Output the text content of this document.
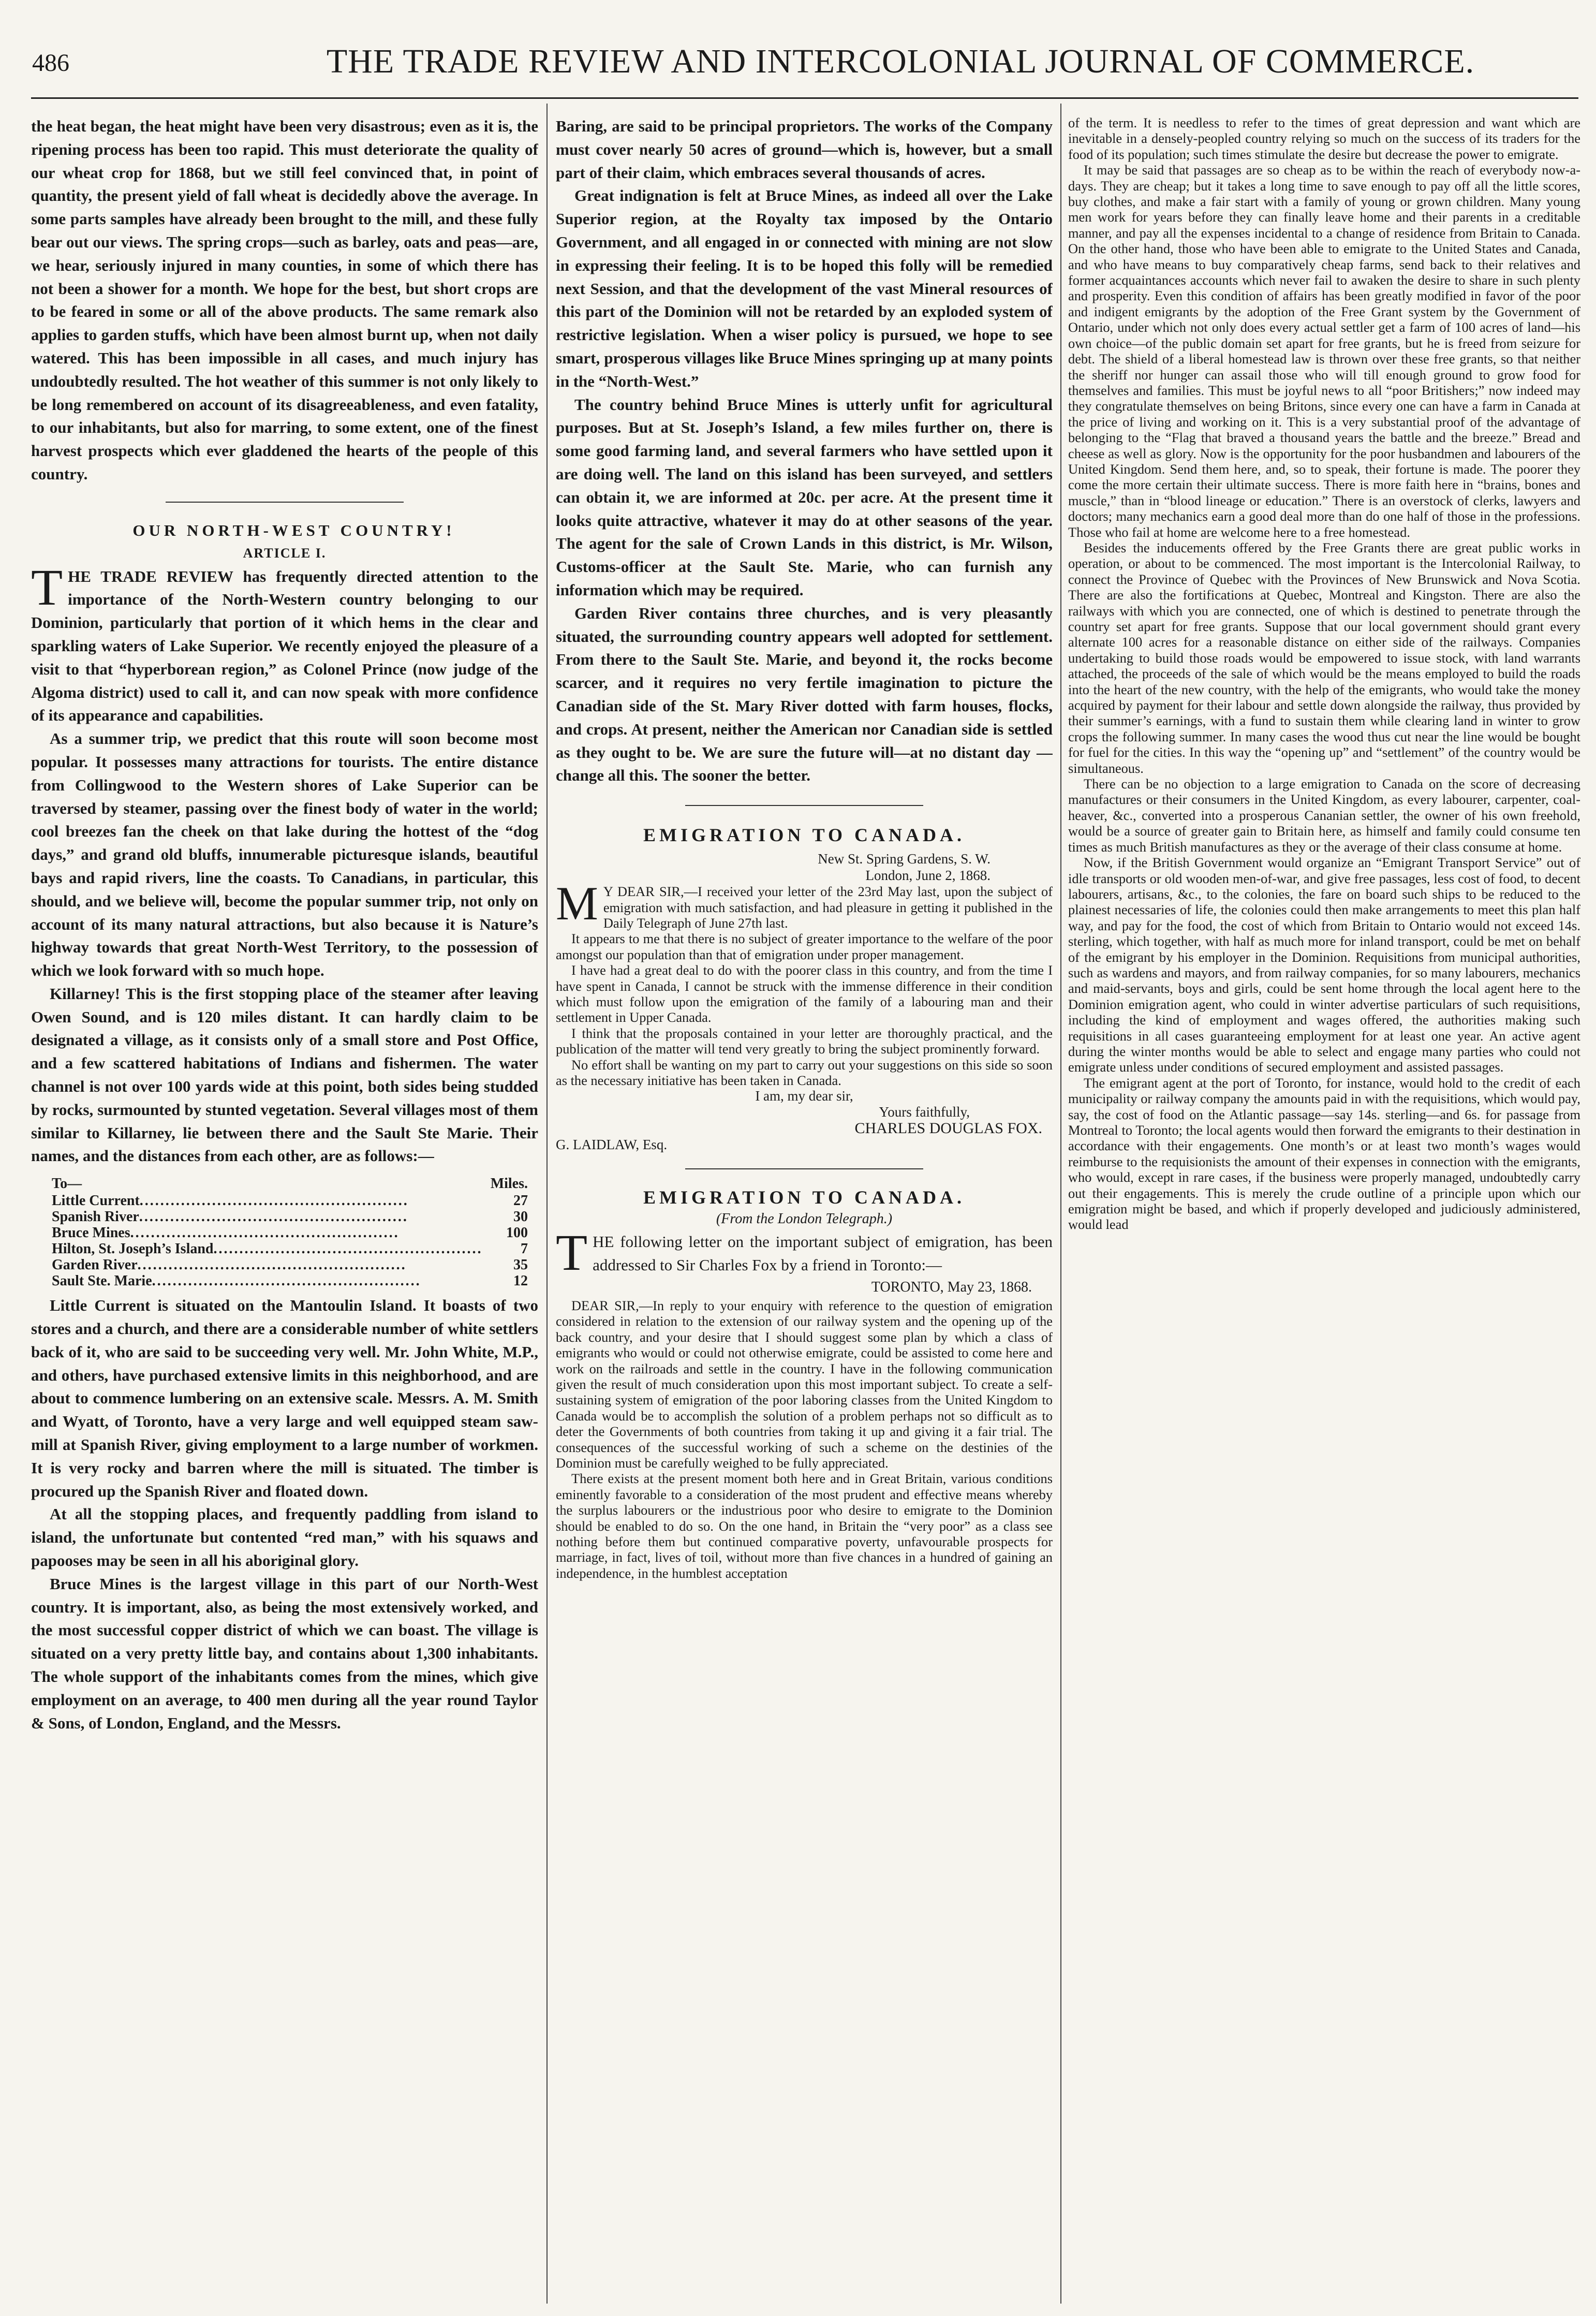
486	THE TRADE REVIEW AND INTERCOLONIAL JOURNAL OF COMMERCE.

the heat began, the heat might have been very disastrous; even as it is, the ripening process has been too rapid. This must deteriorate the quality of our wheat crop for 1868, but we still feel convinced that, in point of quantity, the present yield of fall wheat is decidedly above the average. In some parts samples have already been brought to the mill, and these fully bear out our views. The spring crops—such as barley, oats and peas—are, we hear, seriously injured in many counties, in some of which there has not been a shower for a month. We hope for the best, but short crops are to be feared in some or all of the above products. The same remark also applies to garden stuffs, which have been almost burnt up, when not daily watered. This has been impossible in all cases, and much injury has undoubtedly resulted. The hot weather of this summer is not only likely to be long remembered on account of its disagreeableness, and even fatality, to our inhabitants, but also for marring, to some extent, one of the finest harvest prospects which ever gladdened the hearts of the people of this country.

OUR NORTH-WEST COUNTRY!

ARTICLE I.

THE TRADE REVIEW has frequently directed attention to the importance of the North-Western country belonging to our Dominion, particularly that portion of it which hems in the clear and sparkling waters of Lake Superior. We recently enjoyed the pleasure of a visit to that “hyperborean region,” as Colonel Prince (now judge of the Algoma district) used to call it, and can now speak with more confidence of its appearance and capabilities.

As a summer trip, we predict that this route will soon become most popular. It possesses many attractions for tourists. The entire distance from Collingwood to the Western shores of Lake Superior can be traversed by steamer, passing over the finest body of water in the world; cool breezes fan the cheek on that lake during the hottest of the “dog days,” and grand old bluffs, innumerable picturesque islands, beautiful bays and rapid rivers, line the coasts. To Canadians, in particular, this should, and we believe will, become the popular summer trip, not only on account of its many natural attractions, but also because it is Nature’s highway towards that great North-West Territory, to the possession of which we look forward with so much hope.

Killarney! This is the first stopping place of the steamer after leaving Owen Sound, and is 120 miles distant. It can hardly claim to be designated a village, as it consists only of a small store and Post Office, and a few scattered habitations of Indians and fishermen. The water channel is not over 100 yards wide at this point, both sides being studded by rocks, surmounted by stunted vegetation. Several villages most of them similar to Killarney, lie between there and the Sault Ste Marie. Their names, and the distances from each other, are as follows:—

To—	Miles.
Little Current ....................................................	27
Spanish River ....................................................	30
Bruce Mines ....................................................	100
Hilton, St. Joseph’s Island ....................................................	7
Garden River ....................................................	35
Sault Ste. Marie ....................................................	12

Little Current is situated on the Mantoulin Island. It boasts of two stores and a church, and there are a considerable number of white settlers back of it, who are said to be succeeding very well. Mr. John White, M.P., and others, have purchased extensive limits in this neighborhood, and are about to commence lumbering on an extensive scale. Messrs. A. M. Smith and Wyatt, of Toronto, have a very large and well equipped steam saw-mill at Spanish River, giving employment to a large number of workmen. It is very rocky and barren where the mill is situated. The timber is procured up the Spanish River and floated down.

At all the stopping places, and frequently paddling from island to island, the unfortunate but contented “red man,” with his squaws and papooses may be seen in all his aboriginal glory.

Bruce Mines is the largest village in this part of our North-West country. It is important, also, as being the most extensively worked, and the most successful copper district of which we can boast. The village is situated on a very pretty little bay, and contains about 1,300 inhabitants. The whole support of the inhabitants comes from the mines, which give employment on an average, to 400 men during all the year round Taylor & Sons, of London, England, and the Messrs.

Baring, are said to be principal proprietors. The works of the Company must cover nearly 50 acres of ground—which is, however, but a small part of their claim, which embraces several thousands of acres.

Great indignation is felt at Bruce Mines, as indeed all over the Lake Superior region, at the Royalty tax imposed by the Ontario Government, and all engaged in or connected with mining are not slow in expressing their feeling. It is to be hoped this folly will be remedied next Session, and that the development of the vast Mineral resources of this part of the Dominion will not be retarded by an exploded system of restrictive legislation. When a wiser policy is pursued, we hope to see smart, prosperous villages like Bruce Mines springing up at many points in the “North-West.”

The country behind Bruce Mines is utterly unfit for agricultural purposes. But at St. Joseph’s Island, a few miles further on, there is some good farming land, and several farmers who have settled upon it are doing well. The land on this island has been surveyed, and settlers can obtain it, we are informed at 20c. per acre. At the present time it looks quite attractive, whatever it may do at other seasons of the year. The agent for the sale of Crown Lands in this district, is Mr. Wilson, Customs-officer at the Sault Ste. Marie, who can furnish any information which may be required.

Garden River contains three churches, and is very pleasantly situated, the surrounding country appears well adopted for settlement. From there to the Sault Ste. Marie, and beyond it, the rocks become scarcer, and it requires no very fertile imagination to picture the Canadian side of the St. Mary River dotted with farm houses, flocks, and crops. At present, neither the American nor Canadian side is settled as they ought to be. We are sure the future will—at no distant day —change all this. The sooner the better.

EMIGRATION TO CANADA.

New St. Spring Gardens, S. W.
London, June 2, 1868.

M Y DEAR SIR,—I received your letter of the 23rd May last, upon the subject of emigration with much satisfaction, and had pleasure in getting it published in the Daily Telegraph of June 27th last.

It appears to me that there is no subject of greater importance to the welfare of the poor amongst our population than that of emigration under proper management.

I have had a great deal to do with the poorer class in this country, and from the time I have spent in Canada, I cannot be struck with the immense difference in their condition which must follow upon the emigration of the family of a labouring man and their settlement in Upper Canada.

I think that the proposals contained in your letter are thoroughly practical, and the publication of the matter will tend very greatly to bring the subject prominently forward.

No effort shall be wanting on my part to carry out your suggestions on this side so soon as the necessary initiative has been taken in Canada.

I am, my dear sir,
Yours faithfully,
CHARLES DOUGLAS FOX.
G. LAIDLAW, Esq.

EMIGRATION TO CANADA.

(From the London Telegraph.)

THE following letter on the important subject of emigration, has been addressed to Sir Charles Fox by a friend in Toronto:—

TORONTO, May 23, 1868.

DEAR SIR,—In reply to your enquiry with reference to the question of emigration considered in relation to the extension of our railway system and the opening up of the back country, and your desire that I should suggest some plan by which a class of emigrants who would or could not otherwise emigrate, could be assisted to come here and work on the railroads and settle in the country. I have in the following communication given the result of much consideration upon this most important subject. To create a self-sustaining system of emigration of the poor laboring classes from the United Kingdom to Canada would be to accomplish the solution of a problem perhaps not so difficult as to deter the Governments of both countries from taking it up and giving it a fair trial. The consequences of the successful working of such a scheme on the destinies of the Dominion must be carefully weighed to be fully appreciated.

There exists at the present moment both here and in Great Britain, various conditions eminently favorable to a consideration of the most prudent and effective means whereby the surplus labourers or the industrious poor who desire to emigrate to the Dominion should be enabled to do so. On the one hand, in Britain the “very poor” as a class see nothing before them but continued comparative poverty, unfavourable prospects for marriage, in fact, lives of toil, without more than five chances in a hundred of gaining an independence, in the humblest acceptation

of the term. It is needless to refer to the times of great depression and want which are inevitable in a densely-peopled country relying so much on the success of its traders for the food of its population; such times stimulate the desire but decrease the power to emigrate.

It may be said that passages are so cheap as to be within the reach of everybody now-a-days. They are cheap; but it takes a long time to save enough to pay off all the little scores, buy clothes, and make a fair start with a family of young or grown children. Many young men work for years before they can finally leave home and their parents in a creditable manner, and pay all the expenses incidental to a change of residence from Britain to Canada. On the other hand, those who have been able to emigrate to the United States and Canada, and who have means to buy comparatively cheap farms, send back to their relatives and former acquaintances accounts which never fail to awaken the desire to share in such plenty and prosperity. Even this condition of affairs has been greatly modified in favor of the poor and indigent emigrants by the adoption of the Free Grant system by the Government of Ontario, under which not only does every actual settler get a farm of 100 acres of land—his own choice—of the public domain set apart for free grants, but he is freed from seizure for debt. The shield of a liberal homestead law is thrown over these free grants, so that neither the sheriff nor hunger can assail those who will till enough ground to grow food for themselves and families. This must be joyful news to all “poor Britishers;” now indeed may they congratulate themselves on being Britons, since every one can have a farm in Canada at the price of living and working on it. This is a very substantial proof of the advantage of belonging to the “Flag that braved a thousand years the battle and the breeze.” Bread and cheese as well as glory. Now is the opportunity for the poor husbandmen and labourers of the United Kingdom. Send them here, and, so to speak, their fortune is made. The poorer they come the more certain their ultimate success. There is more faith here in “brains, bones and muscle,” than in “blood lineage or education.” There is an overstock of clerks, lawyers and doctors; many mechanics earn a good deal more than do one half of those in the professions. Those who fail at home are welcome here to a free homestead.

Besides the inducements offered by the Free Grants there are great public works in operation, or about to be commenced. The most important is the Intercolonial Railway, to connect the Province of Quebec with the Provinces of New Brunswick and Nova Scotia. There are also the fortifications at Quebec, Montreal and Kingston. There are also the railways with which you are connected, one of which is destined to penetrate through the country set apart for free grants. Suppose that our local government should grant every alternate 100 acres for a reasonable distance on either side of the railways. Companies undertaking to build those roads would be empowered to issue stock, with land warrants attached, the proceeds of the sale of which would be the means employed to build the roads into the heart of the new country, with the help of the emigrants, who would take the money acquired by payment for their labour and settle down alongside the railway, thus provided by their summer’s earnings, with a fund to sustain them while clearing land in winter to grow crops the following summer. In many cases the wood thus cut near the line would be bought for fuel for the cities. In this way the “opening up” and “settlement” of the country would be simultaneous.

There can be no objection to a large emigration to Canada on the score of decreasing manufactures or their consumers in the United Kingdom, as every labourer, carpenter, coal-heaver, &c., converted into a prosperous Cananian settler, the owner of his own freehold, would be a source of greater gain to Britain here, as himself and family could consume ten times as much British manufactures as they or the average of their class consume at home.

Now, if the British Government would organize an “Emigrant Transport Service” out of idle transports or old wooden men-of-war, and give free passages, less cost of food, to decent labourers, artisans, &c., to the colonies, the fare on board such ships to be reduced to the plainest necessaries of life, the colonies could then make arrangements to meet this plan half way, and pay for the food, the cost of which from Britain to Ontario would not exceed 14s. sterling, which together, with half as much more for inland transport, could be met on behalf of the emigrant by his employer in the Dominion. Requisitions from municipal authorities, such as wardens and mayors, and from railway companies, for so many labourers, mechanics and maid-servants, boys and girls, could be sent home through the local agent here to the Dominion emigration agent, who could in winter advertise particulars of such requisitions, including the kind of employment and wages offered, the authorities making such requisitions in all cases guaranteeing employment for at least one year. An active agent during the winter months would be able to select and engage many parties who could not emigrate unless under conditions of secured employment and assisted passages.

The emigrant agent at the port of Toronto, for instance, would hold to the credit of each municipality or railway company the amounts paid in with the requisitions, which would pay, say, the cost of food on the Atlantic passage—say 14s. sterling—and 6s. for passage from Montreal to Toronto; the local agents would then forward the emigrants to their destination in accordance with their engagements. One month’s or at least two month’s wages would reimburse to the requisionists the amount of their expenses in connection with the emigrants, who would, except in rare cases, if the business were properly managed, undoubtedly carry out their engagements. This is merely the crude outline of a principle upon which our emigration might be based, and which if properly developed and judiciously administered, would lead
